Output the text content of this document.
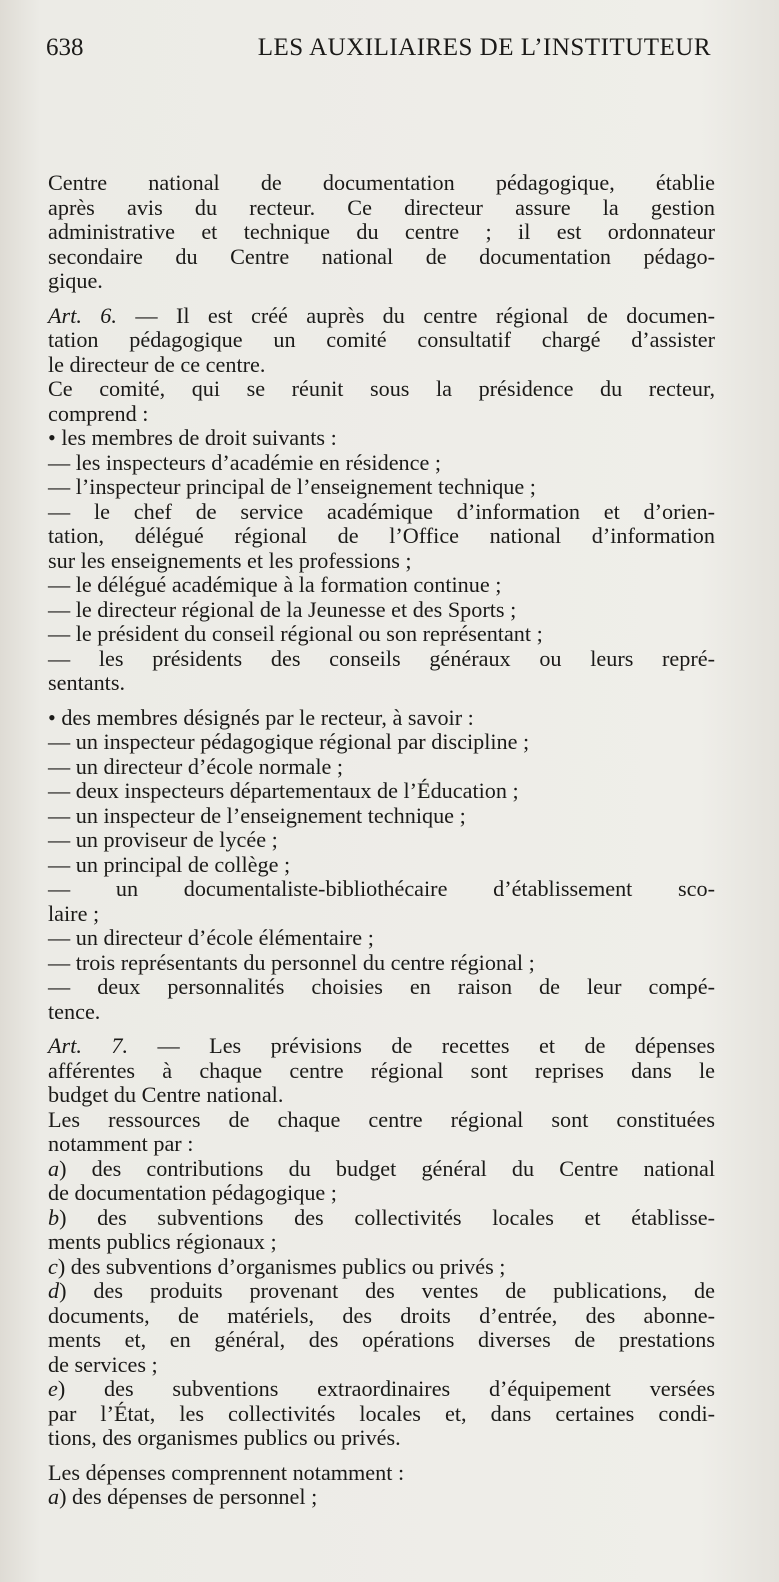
638	LES AUXILIAIRES DE L’INSTITUTEUR
Centre national de documentation pédagogique, établie
après avis du recteur. Ce directeur assure la gestion
administrative et technique du centre ; il est ordonnateur
secondaire du Centre national de documentation pédago-
gique.
Art. 6. — Il est créé auprès du centre régional de documen-
tation pédagogique un comité consultatif chargé d’assister
le directeur de ce centre.
Ce comité, qui se réunit sous la présidence du recteur,
comprend :
• les membres de droit suivants :
— les inspecteurs d’académie en résidence ;
— l’inspecteur principal de l’enseignement technique ;
— le chef de service académique d’information et d’orien-
tation, délégué régional de l’Office national d’information
sur les enseignements et les professions ;
— le délégué académique à la formation continue ;
— le directeur régional de la Jeunesse et des Sports ;
— le président du conseil régional ou son représentant ;
— les présidents des conseils généraux ou leurs repré-
sentants.
• des membres désignés par le recteur, à savoir :
— un inspecteur pédagogique régional par discipline ;
— un directeur d’école normale ;
— deux inspecteurs départementaux de l’Éducation ;
— un inspecteur de l’enseignement technique ;
— un proviseur de lycée ;
— un principal de collège ;
— un documentaliste-bibliothécaire d’établissement sco-
laire ;
— un directeur d’école élémentaire ;
— trois représentants du personnel du centre régional ;
— deux personnalités choisies en raison de leur compé-
tence.
Art. 7. — Les prévisions de recettes et de dépenses
afférentes à chaque centre régional sont reprises dans le
budget du Centre national.
Les ressources de chaque centre régional sont constituées
notamment par :
a) des contributions du budget général du Centre national
de documentation pédagogique ;
b) des subventions des collectivités locales et établisse-
ments publics régionaux ;
c) des subventions d’organismes publics ou privés ;
d) des produits provenant des ventes de publications, de
documents, de matériels, des droits d’entrée, des abonne-
ments et, en général, des opérations diverses de prestations
de services ;
e) des subventions extraordinaires d’équipement versées
par l’État, les collectivités locales et, dans certaines condi-
tions, des organismes publics ou privés.
Les dépenses comprennent notamment :
a) des dépenses de personnel ;
